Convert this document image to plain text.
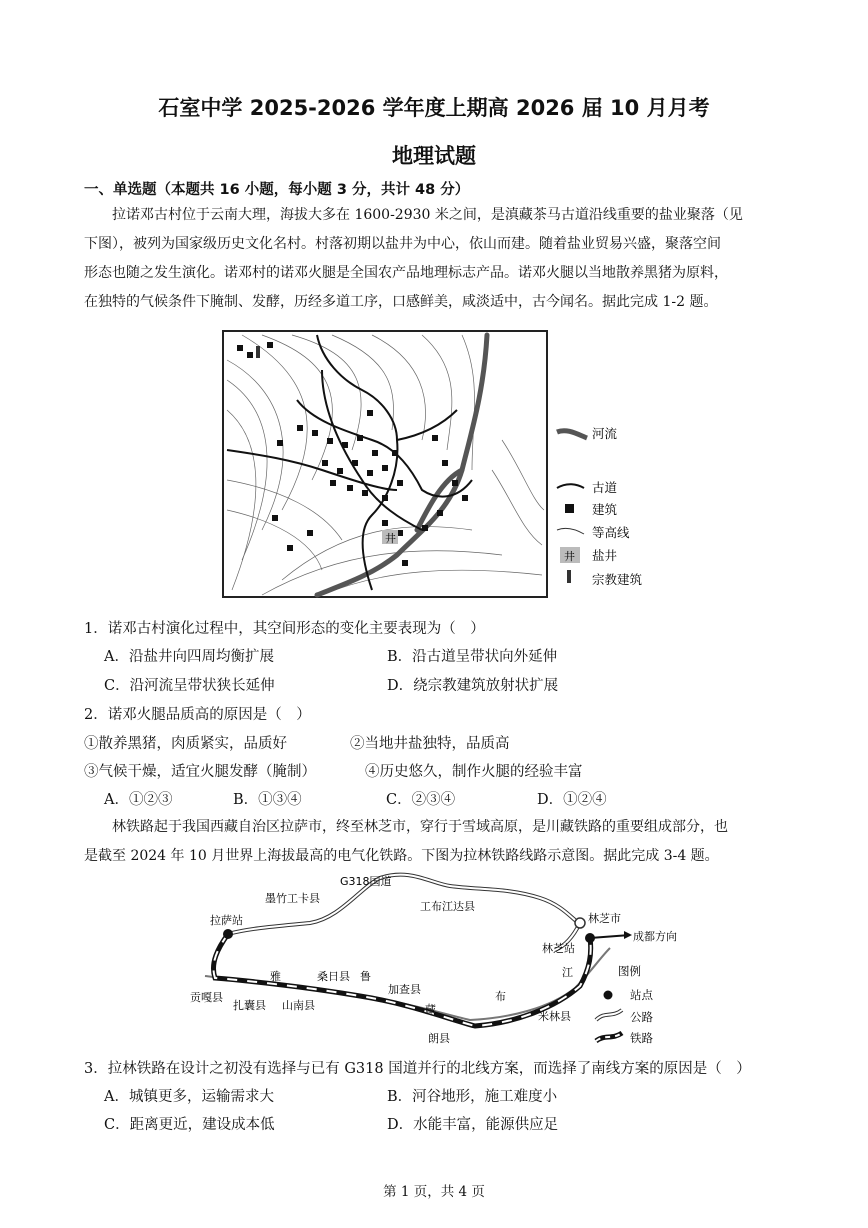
石室中学 2025-2026 学年度上期高 2026 届 10 月月考
地理试题
一、单选题（本题共 16 小题，每小题 3 分，共计 48 分）
拉诺邓古村位于云南大理，海拔大多在 1600-2930 米之间，是滇藏茶马古道沿线重要的盐业聚落（见
下图），被列为国家级历史文化名村。村落初期以盐井为中心，依山而建。随着盐业贸易兴盛，聚落空间
形态也随之发生演化。诺邓村的诺邓火腿是全国农产品地理标志产品。诺邓火腿以当地散养黑猪为原料，
在独特的气候条件下腌制、发酵，历经多道工序，口感鲜美，咸淡适中，古今闻名。据此完成 1-2 题。
井
河流
古道
建筑
等高线
井 盐井
宗教建筑
1．诺邓古村演化过程中，其空间形态的变化主要表现为（　）
A．沿盐井向四周均衡扩展	B．沿古道呈带状向外延伸
C．沿河流呈带状狭长延伸	D．绕宗教建筑放射状扩展
2．诺邓火腿品质高的原因是（　）
①散养黑猪，肉质紧实，品质好	②当地井盐独特，品质高
③气候干燥，适宜火腿发酵（腌制）	④历史悠久，制作火腿的经验丰富
A．①②③	B．①③④	C．②③④	D．①②④
林铁路起于我国西藏自治区拉萨市，终至林芝市，穿行于雪域高原，是川藏铁路的重要组成部分，也
是截至 2024 年 10 月世界上海拔最高的电气化铁路。下图为拉林铁路线路示意图。据此完成 3-4 题。
拉萨站
墨竹工卡县
G318国道
工布江达县
林芝市
林芝站
成都方向
贡嘎县
扎囊县 山南县
桑日县
加查县
朗县
米林县
雅	鲁
藏
布
江	图例
站点
公路
铁路
3．拉林铁路在设计之初没有选择与已有 G318 国道并行的北线方案，而选择了南线方案的原因是（　）
A．城镇更多，运输需求大	B．河谷地形，施工难度小
C．距离更近，建设成本低	D．水能丰富，能源供应足
第 1 页，共 4 页
